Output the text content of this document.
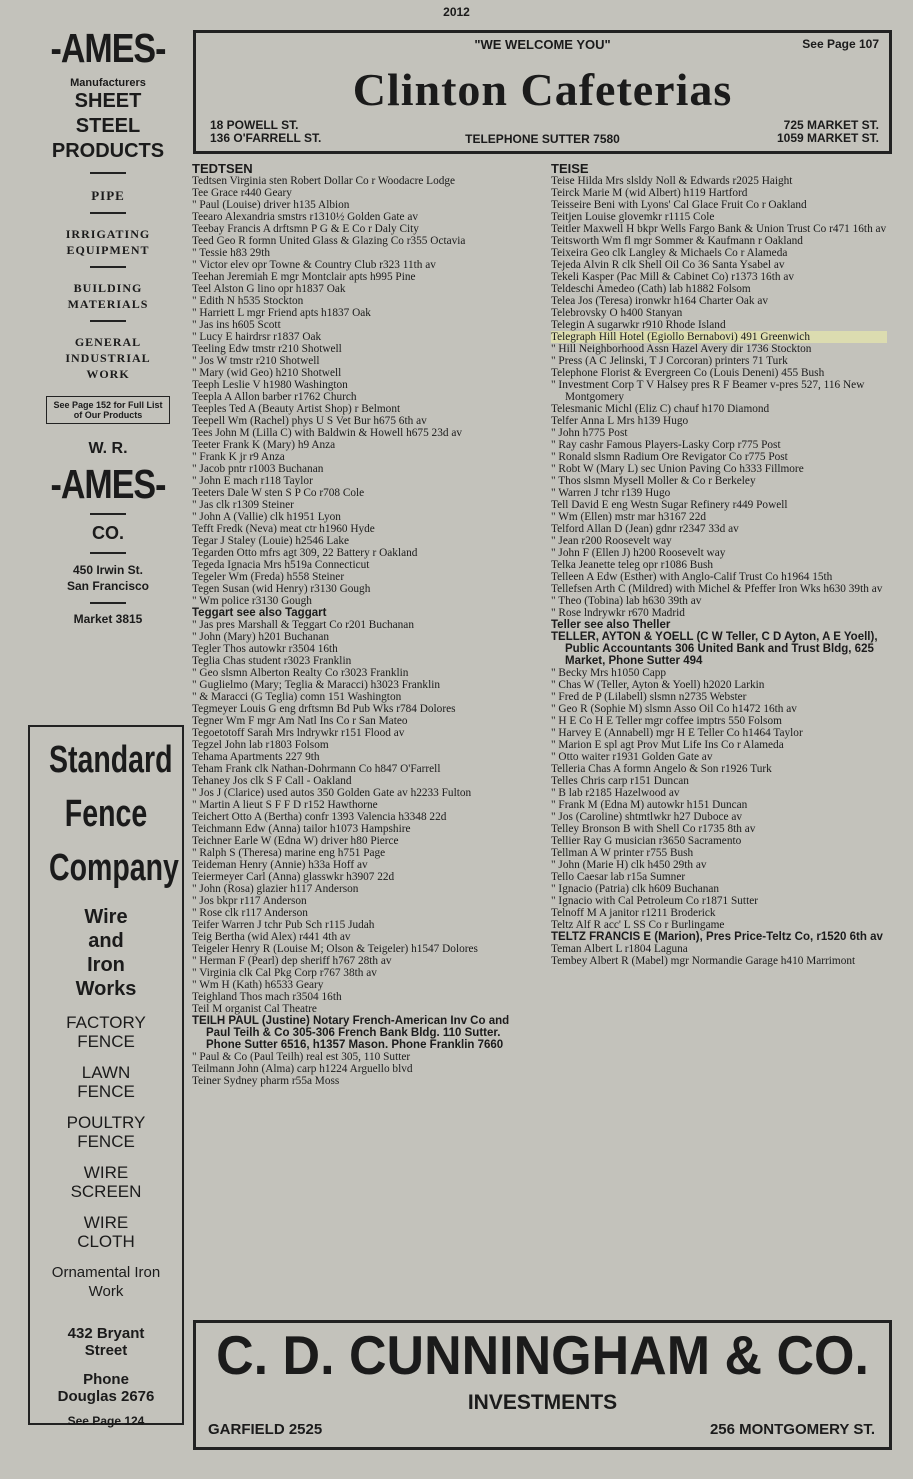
2012
-AMES-
Manufacturers
SHEET
STEEL
PRODUCTS
PIPE
IRRIGATING EQUIPMENT
BUILDING MATERIALS
GENERAL INDUSTRIAL WORK
See Page 152 for Full List of Our Products
W. R.
-AMES-
CO.
450 Irwin St.
San Francisco
Market 3815
Standard
Fence
Company
Wire
and
Iron
Works
FACTORY FENCE
LAWN FENCE
POULTRY FENCE
WIRE SCREEN
WIRE CLOTH
Ornamental Iron Work
432 Bryant Street
Phone
Douglas 2676
See Page 124
"WE WELCOME YOU"	See Page 107
Clinton Cafeterias
18 POWELL ST.
136 O'FARRELL ST.	TELEPHONE SUTTER 7580
725 MARKET ST.
1059 MARKET ST.
TEDTSEN
Tedtsen Virginia sten Robert Dollar Co r Woodacre Lodge
Tee Grace r440 Geary
" Paul (Louise) driver h135 Albion
Teearo Alexandria smstrs r1310½ Golden Gate av
Teebay Francis A drftsmn P G & E Co r Daly City
Teed Geo R formn United Glass & Glazing Co r355 Octavia
" Tessie h83 29th
" Victor elev opr Towne & Country Club r323 11th av
Teehan Jeremiah E mgr Montclair apts h995 Pine
Teel Alston G lino opr h1837 Oak
" Edith N h535 Stockton
" Harriett L mgr Friend apts h1837 Oak
" Jas ins h605 Scott
" Lucy E hairdrsr r1837 Oak
Teeling Edw tmstr r210 Shotwell
" Jos W tmstr r210 Shotwell
" Mary (wid Geo) h210 Shotwell
Teeph Leslie V h1980 Washington
Teepla A Allon barber r1762 Church
Teeples Ted A (Beauty Artist Shop) r Belmont
Teepell Wm (Rachel) phys U S Vet Bur h675 6th av
Tees John M (Lilla C) with Baldwin & Howell h675 23d av
Teeter Frank K (Mary) h9 Anza
" Frank K jr r9 Anza
" Jacob pntr r1003 Buchanan
" John E mach r118 Taylor
Teeters Dale W sten S P Co r708 Cole
" Jas clk r1309 Steiner
" John A (Vallie) clk h1951 Lyon
Tefft Fredk (Neva) meat ctr h1960 Hyde
Tegar J Staley (Louie) h2546 Lake
Tegarden Otto mfrs agt 309, 22 Battery r Oakland
Tegeda Ignacia Mrs h519a Connecticut
Tegeler Wm (Freda) h558 Steiner
Tegen Susan (wid Henry) r3130 Gough
" Wm police r3130 Gough
Teggart see also Taggart
" Jas pres Marshall & Teggart Co r201 Buchanan
" John (Mary) h201 Buchanan
Tegler Thos autowkr r3504 16th
Teglia Chas student r3023 Franklin
" Geo slsmn Alberton Realty Co r3023 Franklin
" Guglielmo (Mary; Teglia & Maracci) h3023 Franklin
" & Maracci (G Teglia) comn 151 Washington
Tegmeyer Louis G eng drftsmn Bd Pub Wks r784 Dolores
Tegner Wm F mgr Am Natl Ins Co r San Mateo
Tegoetotoff Sarah Mrs lndrywkr r151 Flood av
Tegzel John lab r1803 Folsom
Tehama Apartments 227 9th
Teham Frank clk Nathan-Dohrmann Co h847 O'Farrell
Tehaney Jos clk S F Call - Oakland
" Jos J (Clarice) used autos 350 Golden Gate av h2233 Fulton
" Martin A lieut S F F D r152 Hawthorne
Teichert Otto A (Bertha) confr 1393 Valencia h3348 22d
Teichmann Edw (Anna) tailor h1073 Hampshire
Teichner Earle W (Edna W) driver h80 Pierce
" Ralph S (Theresa) marine eng h751 Page
Teideman Henry (Annie) h33a Hoff av
Teiermeyer Carl (Anna) glasswkr h3907 22d
" John (Rosa) glazier h117 Anderson
" Jos bkpr r117 Anderson
" Rose clk r117 Anderson
Teifer Warren J tchr Pub Sch r115 Judah
Teig Bertha (wid Alex) r441 4th av
Teigeler Henry R (Louise M; Olson & Teigeler) h1547 Dolores
" Herman F (Pearl) dep sheriff h767 28th av
" Virginia clk Cal Pkg Corp r767 38th av
" Wm H (Kath) h6533 Geary
Teighland Thos mach r3504 16th
Teil M organist Cal Theatre
TEILH PAUL (Justine) Notary French-American Inv Co and Paul Teilh & Co 305-306 French Bank Bldg. 110 Sutter. Phone Sutter 6516, h1357 Mason. Phone Franklin 7660
" Paul & Co (Paul Teilh) real est 305, 110 Sutter
Teilmann John (Alma) carp h1224 Arguello blvd
Teiner Sydney pharm r55a Moss
TEISE
Teise Hilda Mrs slsldy Noll & Edwards r2025 Haight
Teirck Marie M (wid Albert) h119 Hartford
Teisseire Beni with Lyons' Cal Glace Fruit Co r Oakland
Teitjen Louise glovemkr r1115 Cole
Teitler Maxwell H bkpr Wells Fargo Bank & Union Trust Co r471 16th av
Teitsworth Wm fl mgr Sommer & Kaufmann r Oakland
Teixeira Geo clk Langley & Michaels Co r Alameda
Tejeda Alvin R clk Shell Oil Co 36 Santa Ysabel av
Tekeli Kasper (Pac Mill & Cabinet Co) r1373 16th av
Teldeschi Amedeo (Cath) lab h1882 Folsom
Telea Jos (Teresa) ironwkr h164 Charter Oak av
Telebrovsky O h400 Stanyan
Telegin A sugarwkr r910 Rhode Island
Telegraph Hill Hotel (Egiollo Bernabovi) 491 Greenwich
" Hill Neighborhood Assn Hazel Avery dir 1736 Stockton
" Press (A C Jelinski, T J Corcoran) printers 71 Turk
Telephone Florist & Evergreen Co (Louis Deneni) 455 Bush
" Investment Corp T V Halsey pres R F Beamer v-pres 527, 116 New Montgomery
Telesmanic Michl (Eliz C) chauf h170 Diamond
Telfer Anna L Mrs h139 Hugo
" John h775 Post
" Ray cashr Famous Players-Lasky Corp r775 Post
" Ronald slsmn Radium Ore Revigator Co r775 Post
" Robt W (Mary L) sec Union Paving Co h333 Fillmore
" Thos slsmn Mysell Moller & Co r Berkeley
" Warren J tchr r139 Hugo
Tell David E eng Westn Sugar Refinery r449 Powell
" Wm (Ellen) mstr mar h3167 22d
Telford Allan D (Jean) gdnr r2347 33d av
" Jean r200 Roosevelt way
" John F (Ellen J) h200 Roosevelt way
Telka Jeanette teleg opr r1086 Bush
Telleen A Edw (Esther) with Anglo-Calif Trust Co h1964 15th
Tellefsen Arth C (Mildred) with Michel & Pfeffer Iron Wks h630 39th av
" Theo (Tobina) lab h630 39th av
" Rose lndrywkr r670 Madrid
Teller see also Theller
TELLER, AYTON & YOELL (C W Teller, C D Ayton, A E Yoell), Public Accountants 306 United Bank and Trust Bldg, 625 Market, Phone Sutter 494
" Becky Mrs h1050 Capp
" Chas W (Teller, Ayton & Yoell) h2020 Larkin
" Fred de P (Lilabell) slsmn n2735 Webster
" Geo R (Sophie M) slsmn Asso Oil Co h1472 16th av
" H E Co H E Teller mgr coffee imptrs 550 Folsom
" Harvey E (Annabell) mgr H E Teller Co h1464 Taylor
" Marion E spl agt Prov Mut Life Ins Co r Alameda
" Otto waiter r1931 Golden Gate av
Telleria Chas A formn Angelo & Son r1926 Turk
Telles Chris carp r151 Duncan
" B lab r2185 Hazelwood av
" Frank M (Edna M) autowkr h151 Duncan
" Jos (Caroline) shtmtlwkr h27 Duboce av
Telley Bronson B with Shell Co r1735 8th av
Tellier Ray G musician r3650 Sacramento
Tellman A W printer r755 Bush
" John (Marie H) clk h450 29th av
Tello Caesar lab r15a Sumner
" Ignacio (Patria) clk h609 Buchanan
" Ignacio with Cal Petroleum Co r1871 Sutter
Telnoff M A janitor r1211 Broderick
Teltz Alf R acc' L SS Co r Burlingame
TELTZ FRANCIS E (Marion), Pres Price-Teltz Co, r1520 6th av
Teman Albert L r1804 Laguna
Tembey Albert R (Mabel) mgr Normandie Garage h410 Marrimont
C. D. CUNNINGHAM & CO.
INVESTMENTS
GARFIELD 2525	256 MONTGOMERY ST.
